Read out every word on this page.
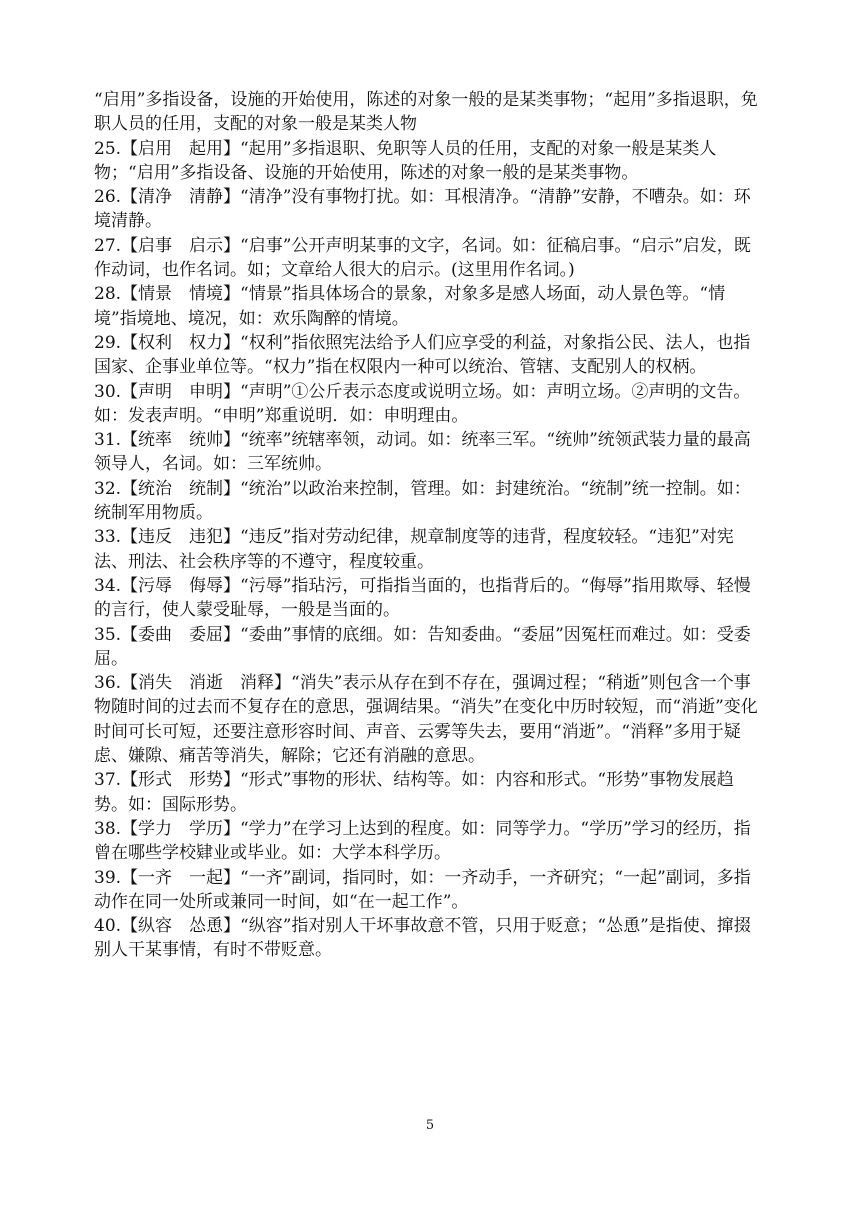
“启用”多指设备，设施的开始使用，陈述的对象一般的是某类事物；“起用”多指退职，免职人员的任用，支配的对象一般是某类人物

25.【启用　起用】“起用”多指退职、免职等人员的任用，支配的对象一般是某类人物；“启用”多指设备、设施的开始使用，陈述的对象一般的是某类事物。

26.【清净　清静】“清净”没有事物打扰。如：耳根清净。“清静”安静，不嘈杂。如：环境清静。

27.【启事　启示】“启事”公开声明某事的文字，名词。如：征稿启事。“启示”启发，既作动词，也作名词。如；文章给人很大的启示。(这里用作名词。)

28.【情景　情境】“情景”指具体场合的景象，对象多是感人场面，动人景色等。“情境”指境地、境况，如：欢乐陶醉的情境。

29.【权利　权力】“权利”指依照宪法给予人们应享受的利益，对象指公民、法人，也指国家、企事业单位等。“权力”指在权限内一种可以统治、管辖、支配别人的权柄。

30.【声明　申明】“声明”①公斤表示态度或说明立场。如：声明立场。②声明的文告。如：发表声明。“申明”郑重说明．如：申明理由。

31.【统率　统帅】“统率”统辖率领，动词。如：统率三军。“统帅”统领武装力量的最高领导人，名词。如：三军统帅。

32.【统治　统制】“统治”以政治来控制，管理。如：封建统治。“统制”统一控制。如：统制军用物质。

33.【违反　违犯】“违反”指对劳动纪律，规章制度等的违背，程度较轻。“违犯”对宪法、刑法、社会秩序等的不遵守，程度较重。

34.【污辱　侮辱】“污辱”指玷污，可指指当面的，也指背后的。“侮辱”指用欺辱、轻慢的言行，使人蒙受耻辱，一般是当面的。

35.【委曲　委屈】“委曲”事情的底细。如：告知委曲。“委屈”因冤枉而难过。如：受委屈。

36.【消失　消逝　消释】“消失”表示从存在到不存在，强调过程；“稍逝”则包含一个事物随时间的过去而不复存在的意思，强调结果。“消失”在变化中历时较短，而“消逝”变化时间可长可短，还要注意形容时间、声音、云雾等失去，要用“消逝”。“消释”多用于疑虑、嫌隙、痛苦等消失，解除；它还有消融的意思。

37.【形式　形势】“形式”事物的形状、结构等。如：内容和形式。“形势”事物发展趋势。如：国际形势。

38.【学力　学历】“学力”在学习上达到的程度。如：同等学力。“学历”学习的经历，指曾在哪些学校肄业或毕业。如：大学本科学历。

39.【一齐　一起】“一齐”副词，指同时，如：一齐动手，一齐研究；“一起”副词，多指动作在同一处所或兼同一时间，如“在一起工作”。

40.【纵容　怂恿】“纵容”指对别人干坏事故意不管，只用于贬意；“怂恿”是指使、撺掇别人干某事情，有时不带贬意。

5
